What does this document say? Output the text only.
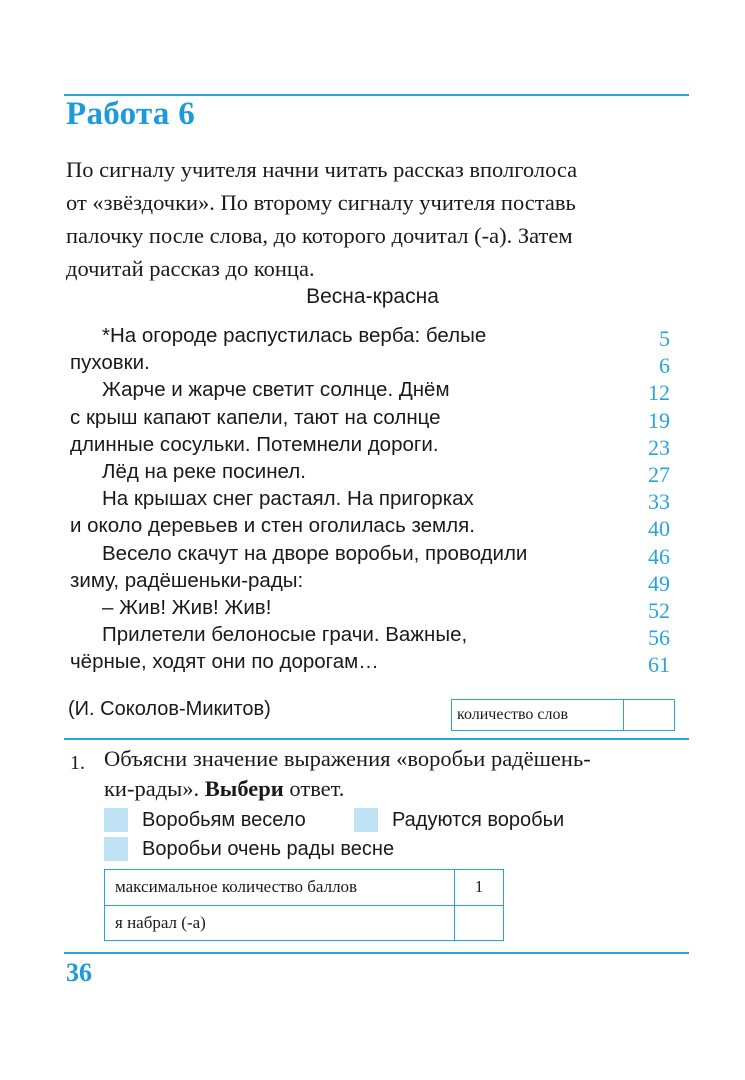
Работа 6
По сигналу учителя начни читать рассказ вполголоса
от «звёздочки». По второму сигналу учителя поставь
палочку после слова, до которого дочитал (-а). Затем
дочитай рассказ до конца.
Весна-красна
*На огороде распустилась верба: белые	5
пуховки.	6
Жарче и жарче светит солнце. Днём	12
с крыш капают капели, тают на солнце	19
длинные сосульки. Потемнели дороги.	23
Лёд на реке посинел.	27
На крышах снег растаял. На пригорках	33
и около деревьев и стен оголилась земля.	40
Весело скачут на дворе воробьи, проводили	46
зиму, радёшеньки-рады:	49
– Жив! Жив! Жив!	52
Прилетели белоносые грачи. Важные,	56
чёрные, ходят они по дорогам…	61
(И. Соколов-Микитов)	количество слов
1. Объясни значение выражения «воробьи радёшень-
ки-рады». Выбери ответ.
Воробьям весело	Радуются воробьи
Воробьи очень рады весне
максимальное количество баллов	1
я набрал (-а)
36
